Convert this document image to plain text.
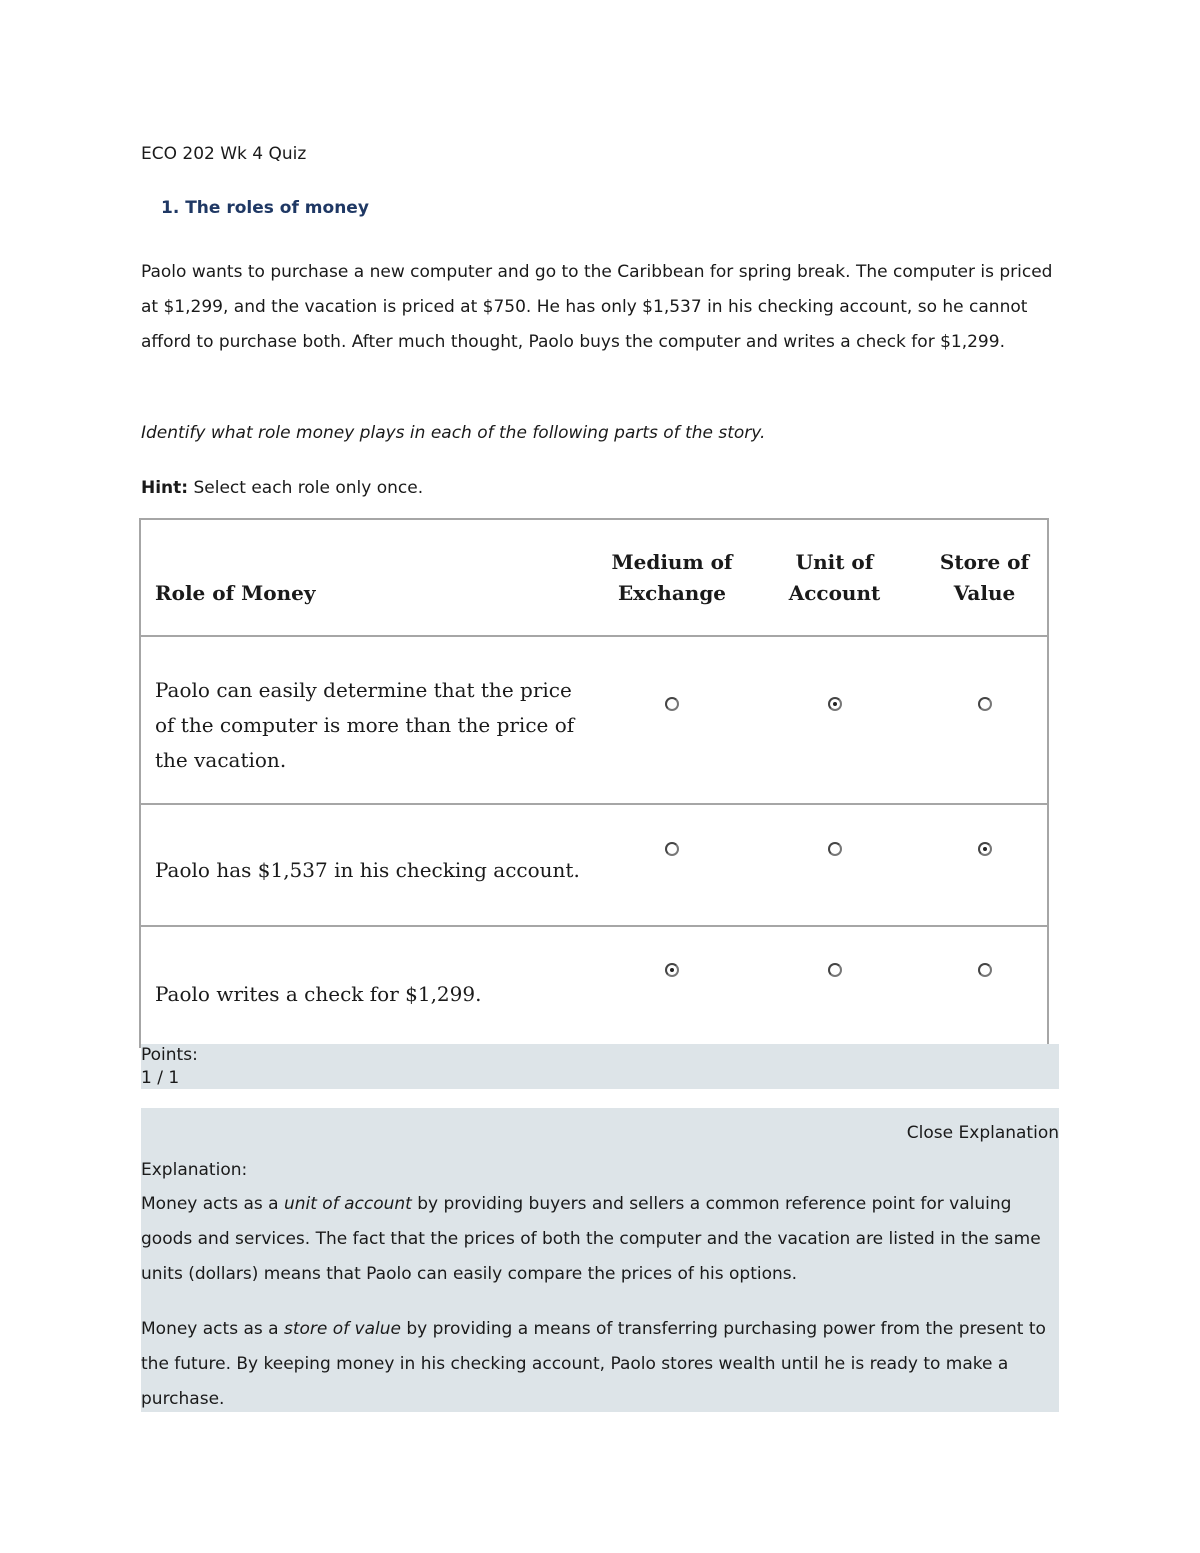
ECO 202 Wk 4 Quiz
1. The roles of money
Paolo wants to purchase a new computer and go to the Caribbean for spring break. The computer is priced at $1,299, and the vacation is priced at $750. He has only $1,537 in his checking account, so he cannot afford to purchase both. After much thought, Paolo buys the computer and writes a check for $1,299.
Identify what role money plays in each of the following parts of the story.
Hint: Select each role only once.
Role of Money
Medium of Exchange
Unit of Account
Store of Value
Paolo can easily determine that the price of the computer is more than the price of the vacation.
Paolo has $1,537 in his checking account.
Paolo writes a check for $1,299.
Points:
1 / 1
Close Explanation
Explanation:
Money acts as a unit of account by providing buyers and sellers a common reference point for valuing goods and services. The fact that the prices of both the computer and the vacation are listed in the same units (dollars) means that Paolo can easily compare the prices of his options.
Money acts as a store of value by providing a means of transferring purchasing power from the present to the future. By keeping money in his checking account, Paolo stores wealth until he is ready to make a purchase.
